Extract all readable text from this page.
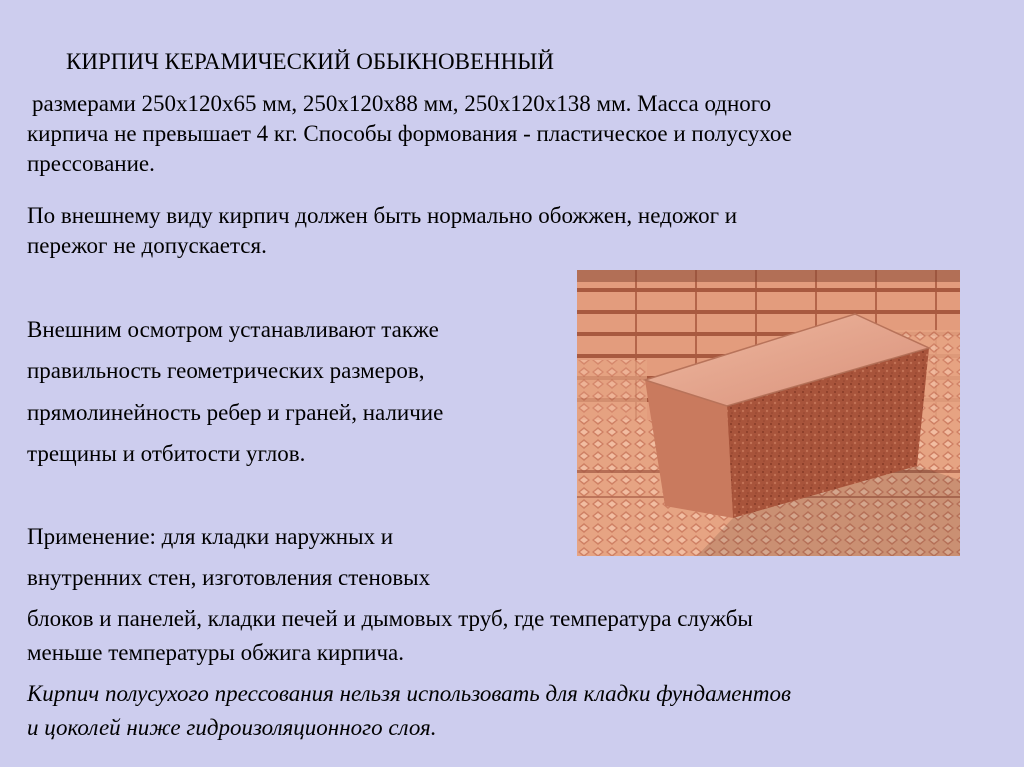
КИРПИЧ КЕРАМИЧЕСКИЙ ОБЫКНОВЕННЫЙ
размерами 250х120х65 мм, 250х120х88 мм, 250х120х138 мм. Масса одного
кирпича не превышает 4 кг. Способы формования - пластическое и полусухое
прессование.
По внешнему виду кирпич должен быть нормально обожжен, недожог и
пережог не допускается.
Внешним осмотром устанавливают также
правильность геометрических размеров,
прямолинейность ребер и граней, наличие
трещины и отбитости углов.
Применение: для кладки наружных и
внутренних стен, изготовления стеновых
блоков и панелей, кладки печей и дымовых труб, где температура службы
меньше температуры обжига кирпича.
Кирпич полусухого прессования нельзя использовать для кладки фундаментов
и цоколей ниже гидроизоляционного слоя.
